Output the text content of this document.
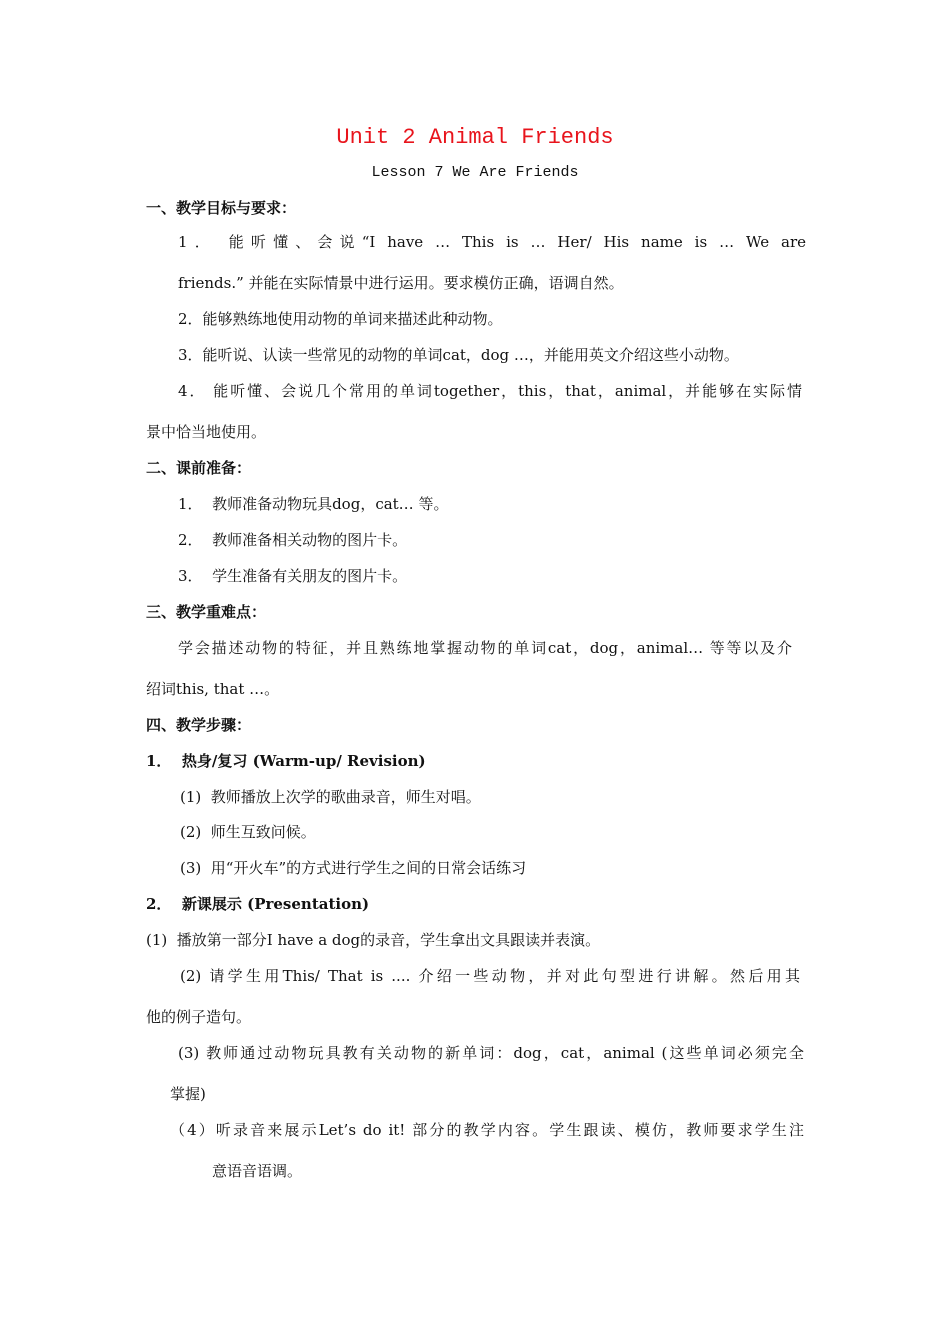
Unit 2 Animal Friends
Lesson 7 We Are Friends
一、教学目标与要求：
1． 能听懂、会说“I have … This is … Her/ His name is … We are
friends.” 并能在实际情景中进行运用。要求模仿正确，语调自然。
2．能够熟练地使用动物的单词来描述此种动物。
3．能听说、认读一些常见的动物的单词cat，dog …，并能用英文介绍这些小动物。
4． 能听懂、会说几个常用的单词together，this，that，animal，并能够在实际情
景中恰当地使用。
二、课前准备：
1．  教师准备动物玩具dog，cat… 等。
2．  教师准备相关动物的图片卡。
3．  学生准备有关朋友的图片卡。
三、教学重难点：
学会描述动物的特征，并且熟练地掌握动物的单词cat，dog，animal… 等等以及介
绍词this, that …。
四、教学步骤：
1．  热身/复习 (Warm-up/ Revision)
(1)  教师播放上次学的歌曲录音，师生对唱。
(2)  师生互致问候。
(3)  用“开火车”的方式进行学生之间的日常会话练习
2．  新课展示 (Presentation)
(1)  播放第一部分I have a dog的录音，学生拿出文具跟读并表演。
(2) 请学生用This/ That is .... 介绍一些动物，并对此句型进行讲解。然后用其
他的例子造句。
(3) 教师通过动物玩具教有关动物的新单词：dog，cat，animal (这些单词必须完全
掌握)
（4）听录音来展示Let’s do it! 部分的教学内容。学生跟读、模仿，教师要求学生注
意语音语调。
